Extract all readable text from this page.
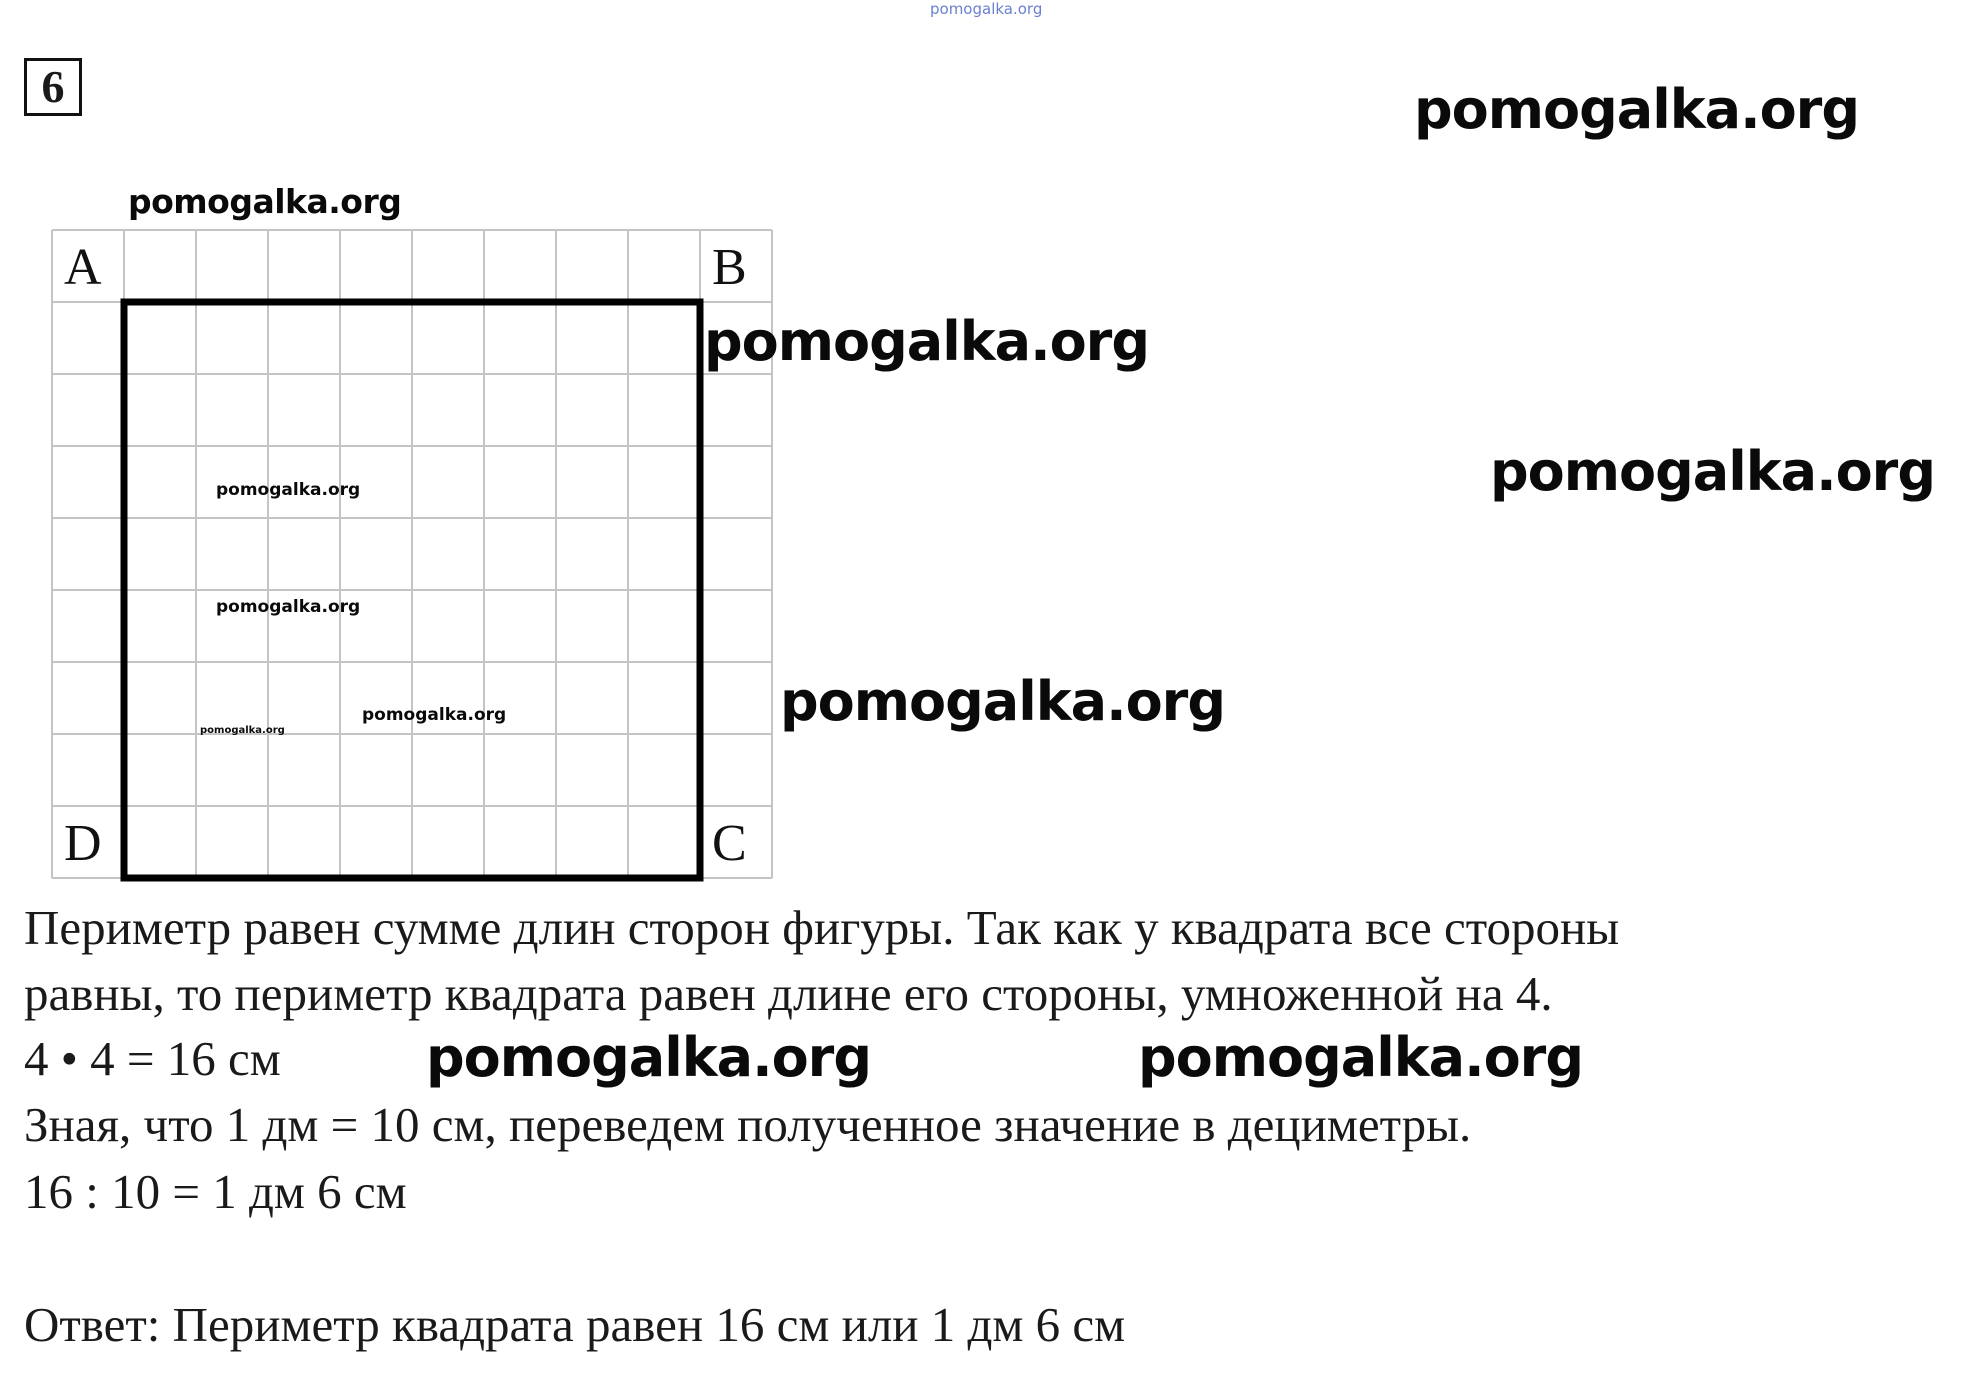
pomogalka.org
6	pomogalka.org
pomogalka.org
A	B
C
D
pomogalka.org
pomogalka.org
pomogalka.org
pomogalka.org
pomogalka.org
pomogalka.org
pomogalka.org
Периметр равен сумме длин сторон фигуры. Так как у квадрата все стороны
равны, то периметр квадрата равен длине его стороны, умноженной на 4.
4 • 4 = 16 см	pomogalka.org	pomogalka.org
Зная, что 1 дм = 10 см, переведем полученное значение в дециметры.
16 : 10 = 1 дм 6 см
Ответ: Периметр квадрата равен 16 см или 1 дм 6 см
